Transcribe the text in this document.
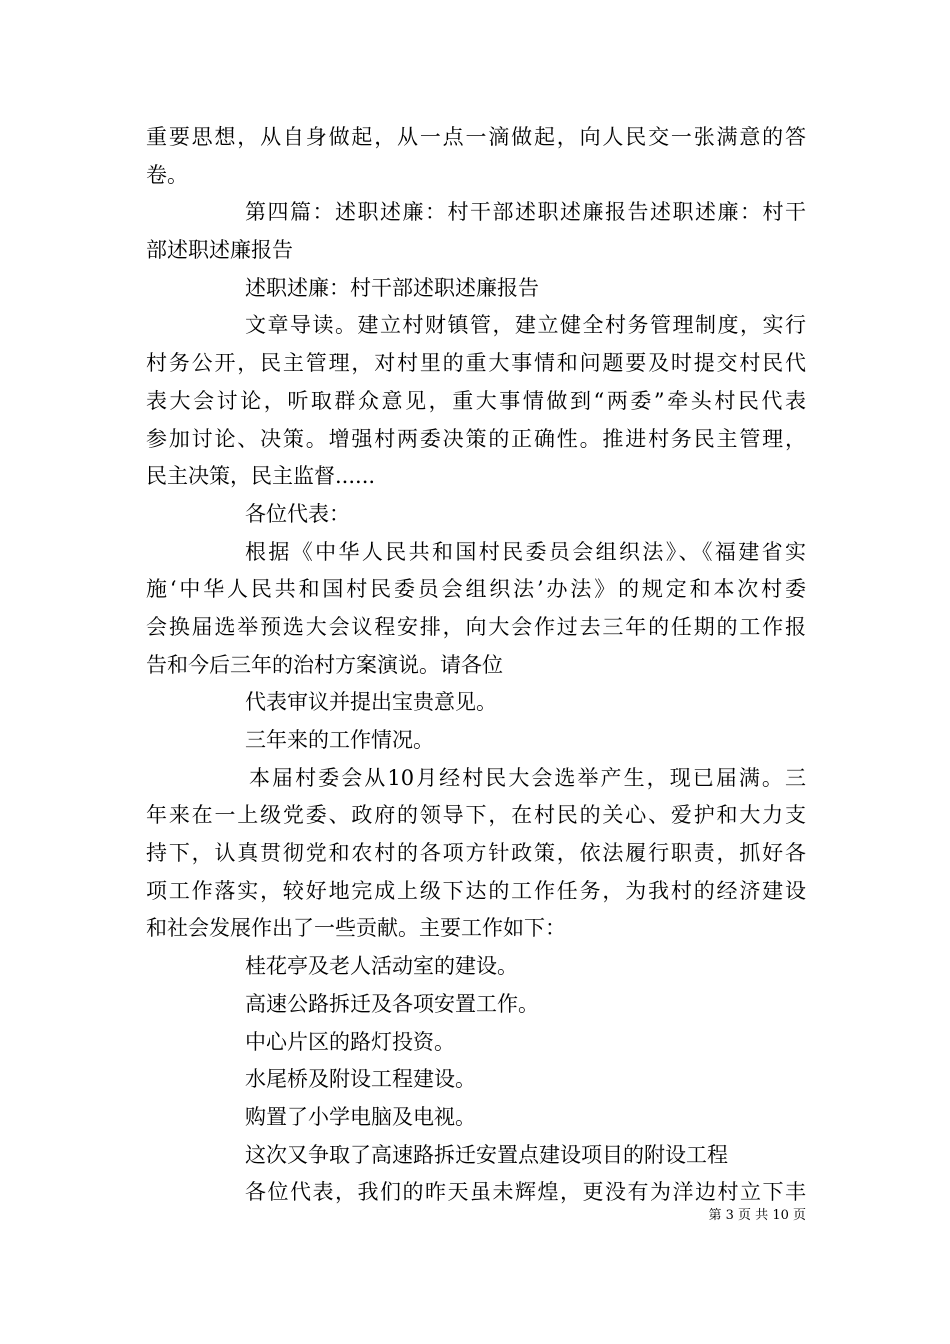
重要思想，从自身做起，从一点一滴做起，向人民交一张满意的答
卷。
第四篇：述职述廉：村干部述职述廉报告述职述廉：村干
部述职述廉报告
述职述廉：村干部述职述廉报告
文章导读。建立村财镇管，建立健全村务管理制度，实行
村务公开，民主管理，对村里的重大事情和问题要及时提交村民代
表大会讨论，听取群众意见，重大事情做到“两委”牵头村民代表
参加讨论、决策。增强村两委决策的正确性。推进村务民主管理，
民主决策，民主监督......
各位代表：
根据《中华人民共和国村民委员会组织法》、《福建省实
施‘中华人民共和国村民委员会组织法’办法》的规定和本次村委
会换届选举预选大会议程安排，向大会作过去三年的任期的工作报
告和今后三年的治村方案演说。请各位
代表审议并提出宝贵意见。
三年来的工作情况。
本届村委会从10月经村民大会选举产生，现已届满。三
年来在一上级党委、政府的领导下，在村民的关心、爱护和大力支
持下，认真贯彻党和农村的各项方针政策，依法履行职责，抓好各
项工作落实，较好地完成上级下达的工作任务，为我村的经济建设
和社会发展作出了一些贡献。主要工作如下：
桂花亭及老人活动室的建设。
高速公路拆迁及各项安置工作。
中心片区的路灯投资。
水尾桥及附设工程建设。
购置了小学电脑及电视。
这次又争取了高速路拆迁安置点建设项目的附设工程
各位代表，我们的昨天虽未辉煌，更没有为洋边村立下丰
第 3 页 共 10 页
